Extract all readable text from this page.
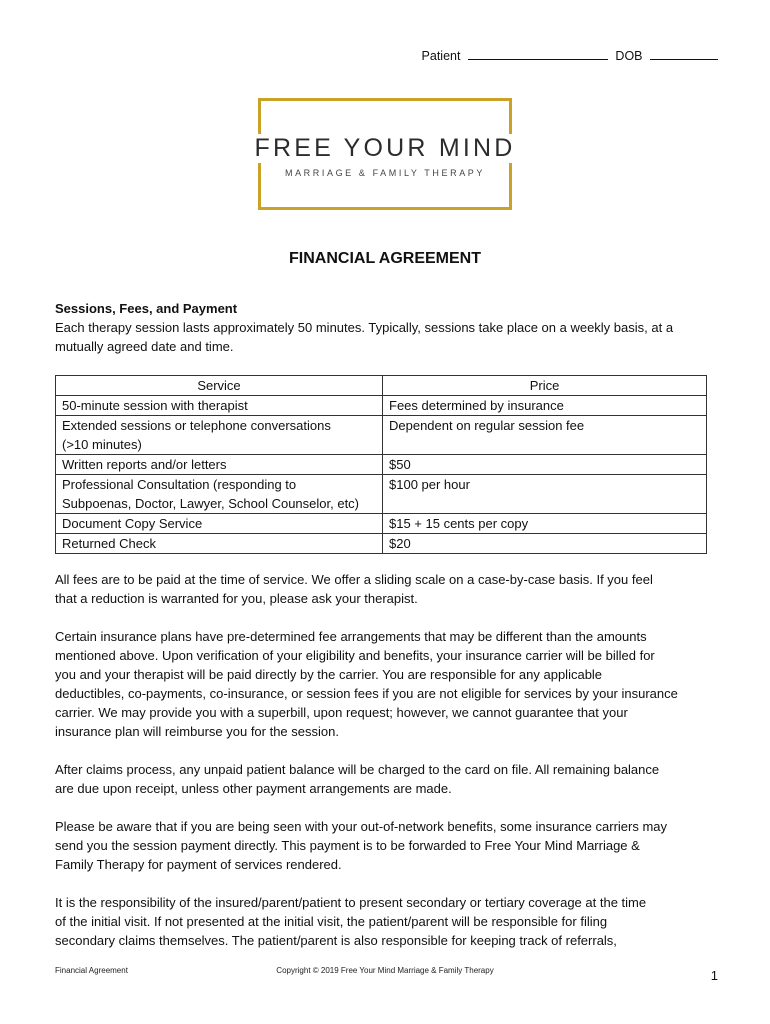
Patient	DOB
FREE YOUR MIND
MARRIAGE & FAMILY THERAPY
FINANCIAL AGREEMENT
Sessions, Fees, and Payment
Each therapy session lasts approximately 50 minutes. Typically, sessions take place on a weekly basis, at a
mutually agreed date and time.
Service	Price

50-minute session with therapist	Fees determined by insurance

Extended sessions or telephone conversations
(>10 minutes)	Dependent on regular session fee

Written reports and/or letters	$50

Professional Consultation (responding to
Subpoenas, Doctor, Lawyer, School Counselor, etc)	$100 per hour

Document Copy Service	$15 + 15 cents per copy

Returned Check	$20
All fees are to be paid at the time of service. We offer a sliding scale on a case-by-case basis. If you feel
that a reduction is warranted for you, please ask your therapist.
Certain insurance plans have pre-determined fee arrangements that may be different than the amounts
mentioned above. Upon verification of your eligibility and benefits, your insurance carrier will be billed for
you and your therapist will be paid directly by the carrier. You are responsible for any applicable
deductibles, co-payments, co-insurance, or session fees if you are not eligible for services by your insurance
carrier. We may provide you with a superbill, upon request; however, we cannot guarantee that your
insurance plan will reimburse you for the session.
After claims process, any unpaid patient balance will be charged to the card on file. All remaining balance
are due upon receipt, unless other payment arrangements are made.
Please be aware that if you are being seen with your out-of-network benefits, some insurance carriers may
send you the session payment directly. This payment is to be forwarded to Free Your Mind Marriage &
Family Therapy for payment of services rendered.
It is the responsibility of the insured/parent/patient to present secondary or tertiary coverage at the time
of the initial visit. If not presented at the initial visit, the patient/parent will be responsible for filing
secondary claims themselves. The patient/parent is also responsible for keeping track of referrals,
Financial Agreement	Copyright © 2019 Free Your Mind Marriage & Family Therapy	1
